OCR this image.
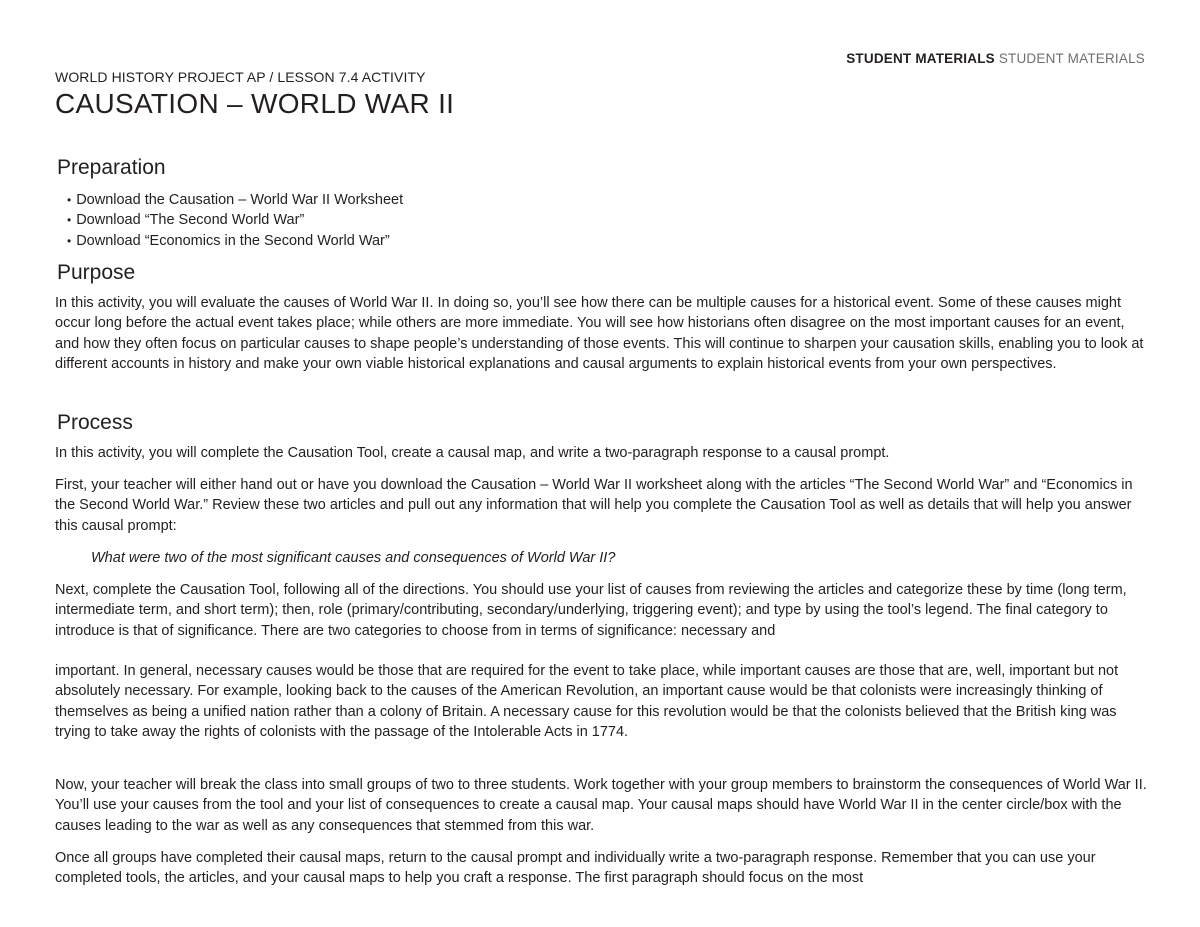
STUDENT MATERIALS STUDENT MATERIALS
WORLD HISTORY PROJECT AP / LESSON 7.4 ACTIVITY
CAUSATION – WORLD WAR II
Preparation
• Download the Causation – World War II Worksheet
• Download “The Second World War”
• Download “Economics in the Second World War”
Purpose

In this activity, you will evaluate the causes of World War II. In doing so, you’ll see how there can be multiple causes for a historical event. Some of these causes might occur long before the actual event takes place; while others are more immediate. You will see how historians often disagree on the most important causes for an event, and how they often focus on particular causes to shape people’s understanding of those events. This will continue to sharpen your causation skills, enabling you to look at different accounts in history and make your own viable historical explanations and causal arguments to explain historical events from your own perspectives.

Process

In this activity, you will complete the Causation Tool, create a causal map, and write a two-paragraph response to a causal prompt.

First, your teacher will either hand out or have you download the Causation – World War II worksheet along with the articles “The Second World War” and “Economics in the Second World War.” Review these two articles and pull out any information that will help you complete the Causation Tool as well as details that will help you answer this causal prompt:

What were two of the most significant causes and consequences of World War II?

Next, complete the Causation Tool, following all of the directions. You should use your list of causes from reviewing the articles and categorize these by time (long term, intermediate term, and short term); then, role (primary/contributing, secondary/underlying, triggering event); and type by using the tool’s legend. The final category to introduce is that of significance. There are two categories to choose from in terms of significance: necessary and

important. In general, necessary causes would be those that are required for the event to take place, while important causes are those that are, well, important but not absolutely necessary. For example, looking back to the causes of the American Revolution, an important cause would be that colonists were increasingly thinking of themselves as being a unified nation rather than a colony of Britain. A necessary cause for this revolution would be that the colonists believed that the British king was trying to take away the rights of colonists with the passage of the Intolerable Acts in 1774.

Now, your teacher will break the class into small groups of two to three students. Work together with your group members to brainstorm the consequences of World War II. You’ll use your causes from the tool and your list of consequences to create a causal map. Your causal maps should have World War II in the center circle/box with the causes leading to the war as well as any consequences that stemmed from this war.

Once all groups have completed their causal maps, return to the causal prompt and individually write a two-paragraph response. Remember that you can use your completed tools, the articles, and your causal maps to help you craft a response. The first paragraph should focus on the most
